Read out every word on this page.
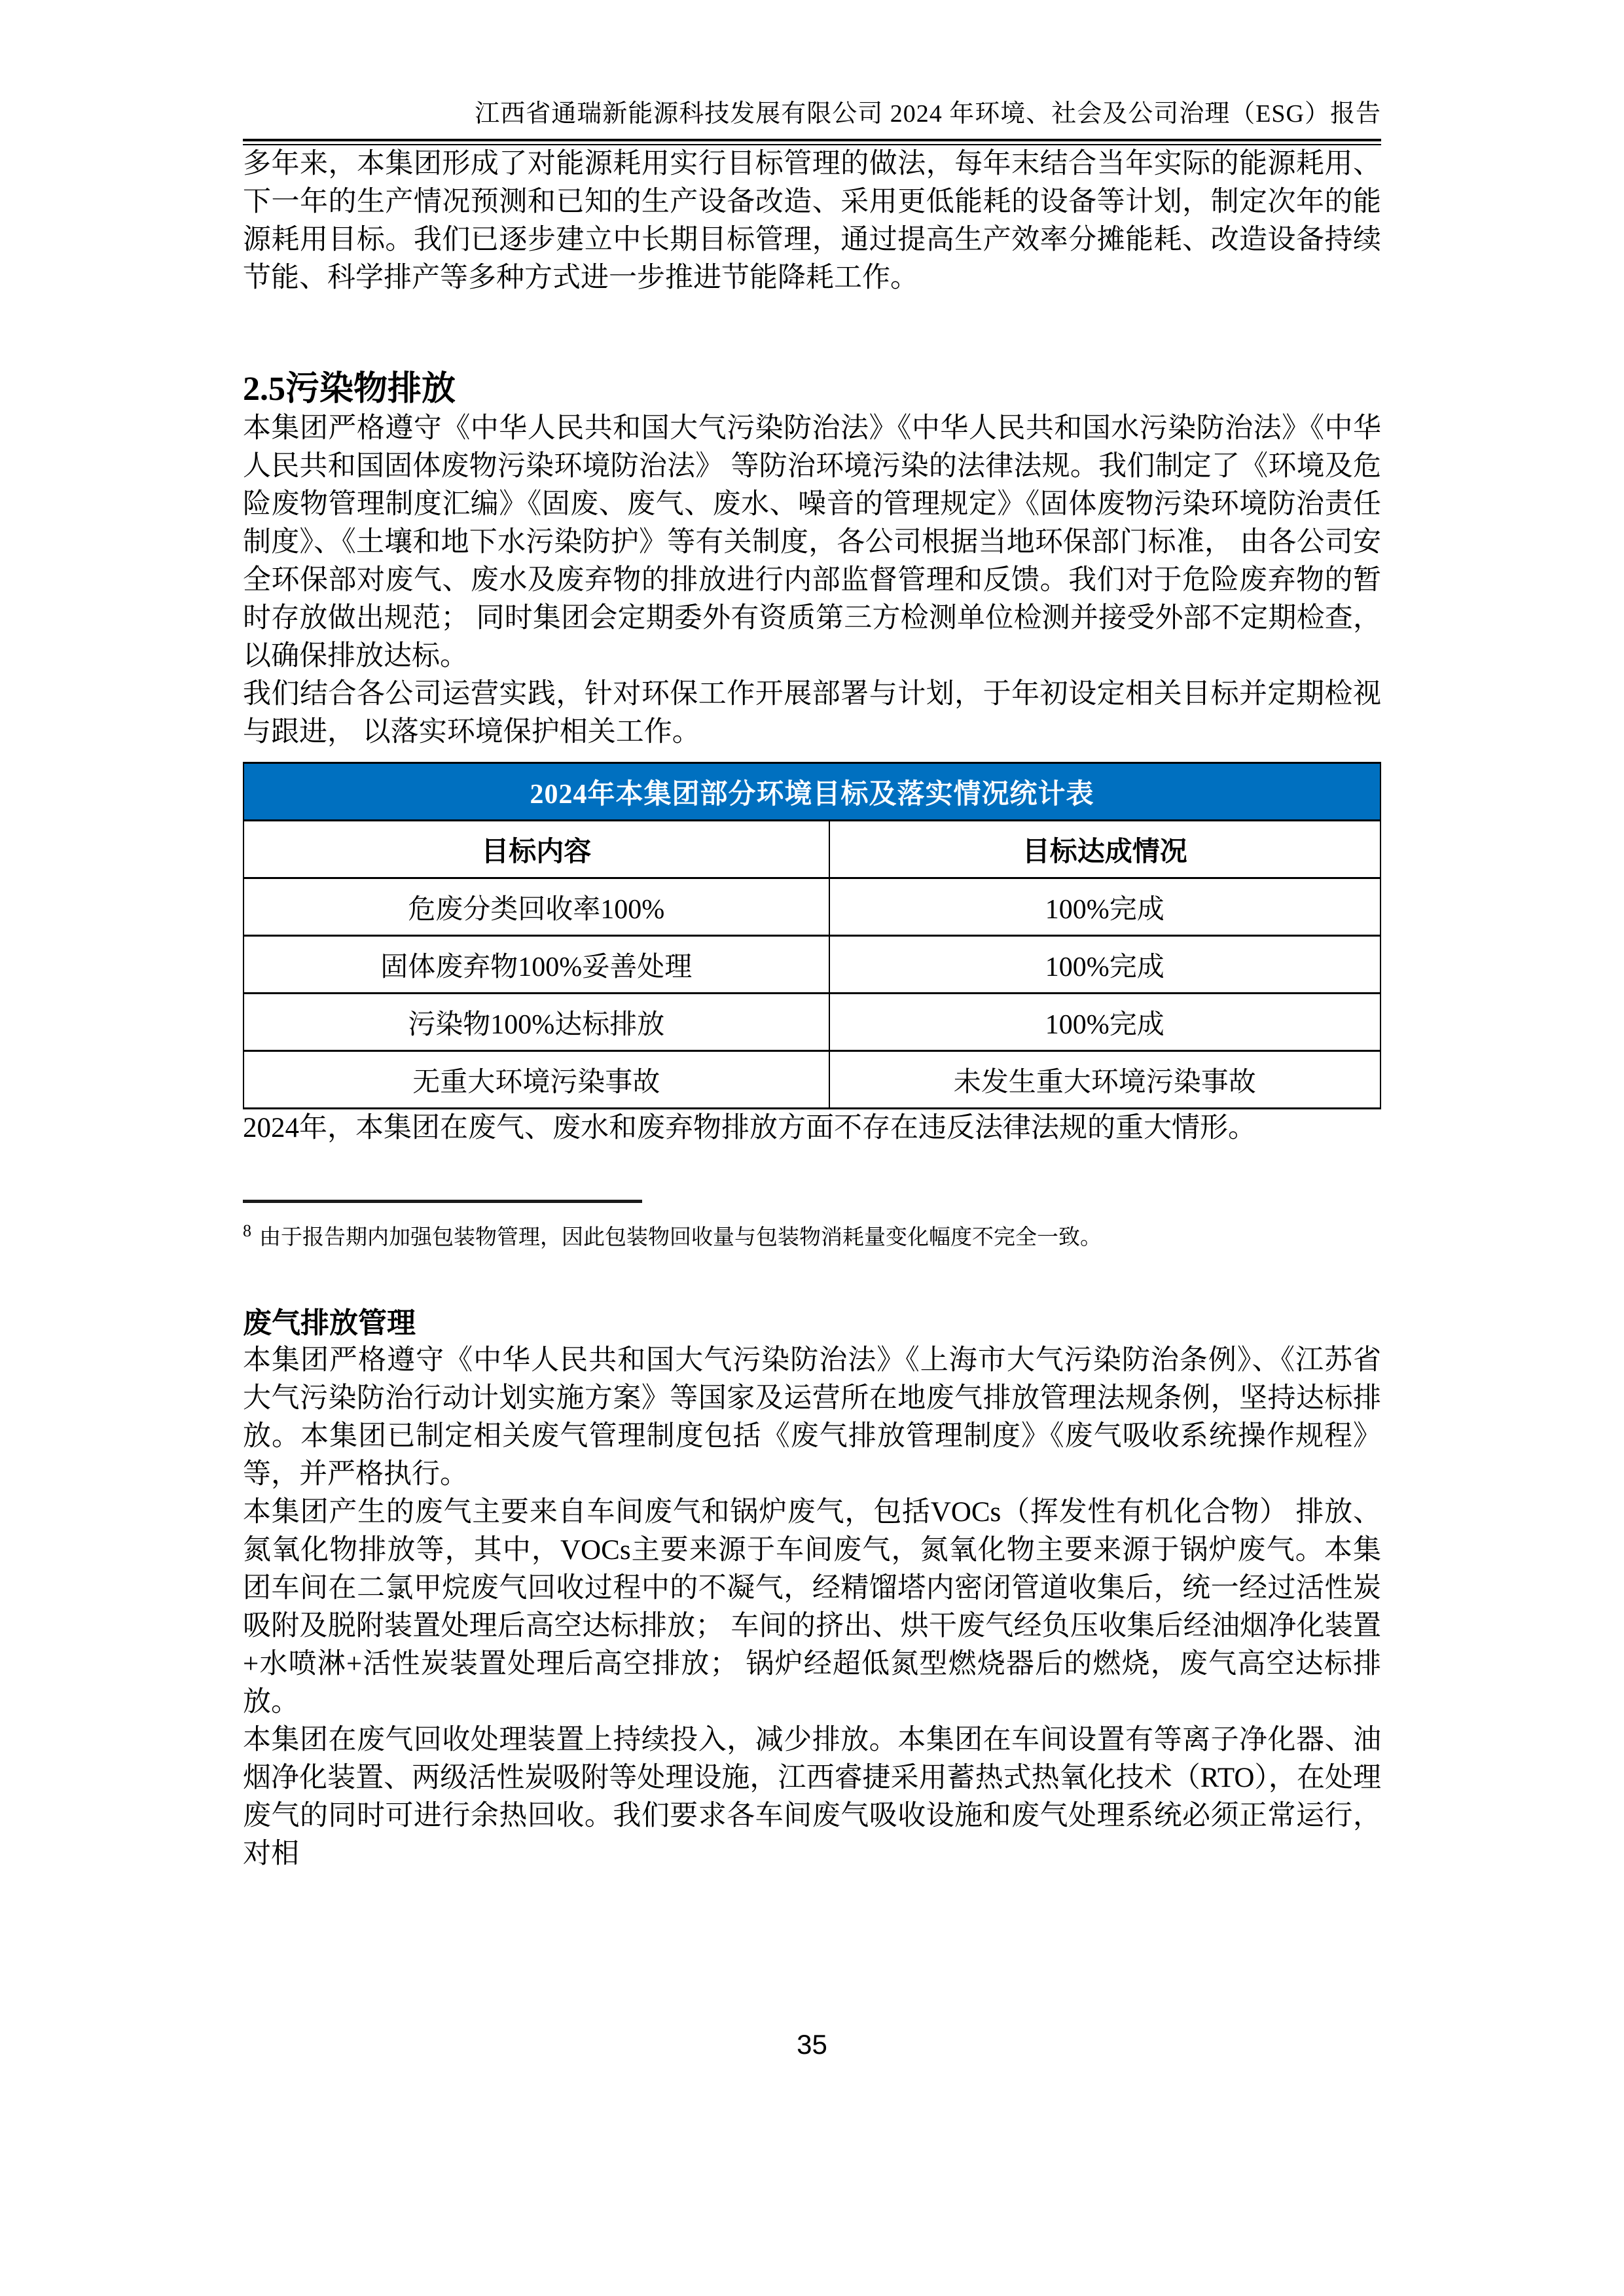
江西省通瑞新能源科技发展有限公司 2024 年环境、社会及公司治理（ESG）报告

多年来，本集团形成了对能源耗用实行目标管理的做法，每年末结合当年实际的能源耗用、下一年的生产情况预测和已知的生产设备改造、采用更低能耗的设备等计划，制定次年的能源耗用目标。我们已逐步建立中长期目标管理，通过提高生产效率分摊能耗、改造设备持续节能、科学排产等多种方式进一步推进节能降耗工作。

2.5污染物排放

本集团严格遵守《中华人民共和国大气污染防治法》《中华人民共和国水污染防治法》《中华人民共和国固体废物污染环境防治法》 等防治环境污染的法律法规。我们制定了《环境及危险废物管理制度汇编》《固废、废气、废水、噪音的管理规定》《固体废物污染环境防治责任制度》、《土壤和地下水污染防护》等有关制度，各公司根据当地环保部门标准， 由各公司安全环保部对废气、废水及废弃物的排放进行内部监督管理和反馈。我们对于危险废弃物的暂时存放做出规范； 同时集团会定期委外有资质第三方检测单位检测并接受外部不定期检查， 以确保排放达标。

我们结合各公司运营实践，针对环保工作开展部署与计划，于年初设定相关目标并定期检视与跟进， 以落实环境保护相关工作。

2024年本集团部分环境目标及落实情况统计表	
目标内容	目标达成情况
危废分类回收率100%	100%完成
固体废弃物100%妥善处理	100%完成
污染物100%达标排放	100%完成
无重大环境污染事故	未发生重大环境污染事故

2024年，本集团在废气、废水和废弃物排放方面不存在违反法律法规的重大情形。

$^8$ 由于报告期内加强包装物管理，因此包装物回收量与包装物消耗量变化幅度不完全一致。
废气排放管理

本集团严格遵守《中华人民共和国大气污染防治法》《上海市大气污染防治条例》、《江苏省大气污染防治行动计划实施方案》等国家及运营所在地废气排放管理法规条例，坚持达标排放。本集团已制定相关废气管理制度包括《废气排放管理制度》《废气吸收系统操作规程》等，并严格执行。

本集团产生的废气主要来自车间废气和锅炉废气，包括VOCs（挥发性有机化合物） 排放、氮氧化物排放等，其中，VOCs主要来源于车间废气，氮氧化物主要来源于锅炉废气。本集团车间在二氯甲烷废气回收过程中的不凝气，经精馏塔内密闭管道收集后，统一经过活性炭吸附及脱附装置处理后高空达标排放； 车间的挤出、烘干废气经负压收集后经油烟净化装置+水喷淋+活性炭装置处理后高空排放； 锅炉经超低氮型燃烧器后的燃烧，废气高空达标排放。

本集团在废气回收处理装置上持续投入，减少排放。本集团在车间设置有等离子净化器、油烟净化装置、两级活性炭吸附等处理设施，江西睿捷采用蓄热式热氧化技术（RTO），在处理废气的同时可进行余热回收。我们要求各车间废气吸收设施和废气处理系统必须正常运行，对相

35
